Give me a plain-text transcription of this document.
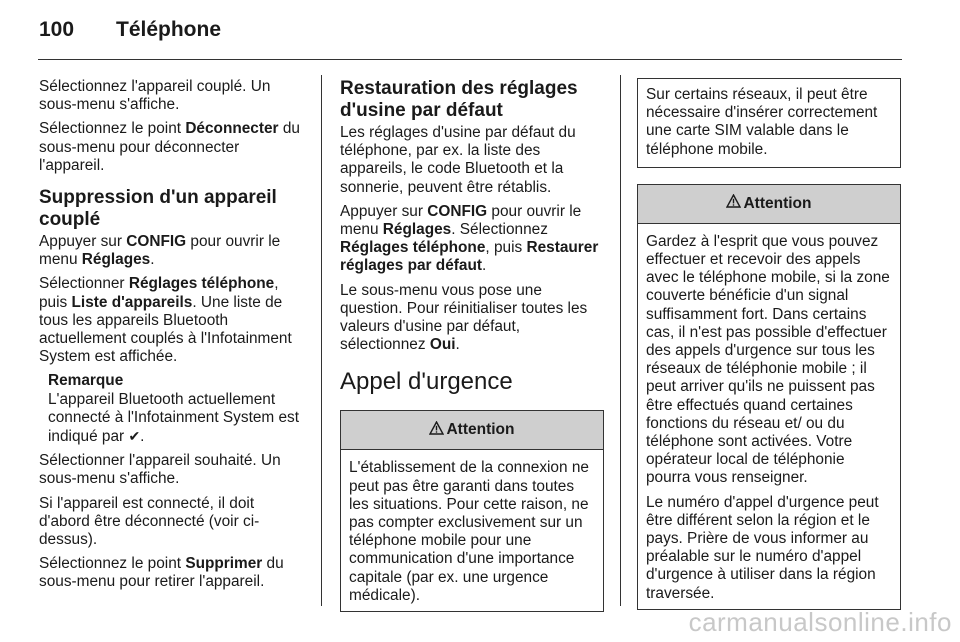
100	Téléphone

Sélectionnez l'appareil couplé. Un sous-menu s'affiche.

Sélectionnez le point Déconnecter du sous-menu pour déconnecter l'appareil.

Suppression d'un appareil couplé

Appuyer sur CONFIG pour ouvrir le menu Réglages.

Sélectionner Réglages téléphone, puis Liste d'appareils. Une liste de tous les appareils Bluetooth actuellement couplés à l'Infotainment System est affichée.

Remarque
L'appareil Bluetooth actuellement connecté à l'Infotainment System est indiqué par ✔.

Sélectionner l'appareil souhaité. Un sous-menu s'affiche.

Si l'appareil est connecté, il doit d'abord être déconnecté (voir ci-dessus).

Sélectionnez le point Supprimer du sous-menu pour retirer l'appareil.

Restauration des réglages d'usine par défaut

Les réglages d'usine par défaut du téléphone, par ex. la liste des appareils, le code Bluetooth et la sonnerie, peuvent être rétablis.

Appuyer sur CONFIG pour ouvrir le menu Réglages. Sélectionnez Réglages téléphone, puis Restaurer réglages par défaut.

Le sous-menu vous pose une question. Pour réinitialiser toutes les valeurs d'usine par défaut, sélectionnez Oui.

Appel d'urgence
Attention

L'établissement de la connexion ne peut pas être garanti dans toutes les situations. Pour cette raison, ne pas compter exclusivement sur un téléphone mobile pour une communication d'une importance capitale (par ex. une urgence médicale).

Sur certains réseaux, il peut être nécessaire d'insérer correctement une carte SIM valable dans le téléphone mobile.
Attention

Gardez à l'esprit que vous pouvez effectuer et recevoir des appels avec le téléphone mobile, si la zone couverte bénéficie d'un signal suffisamment fort. Dans certains cas, il n'est pas possible d'effectuer des appels d'urgence sur tous les réseaux de téléphonie mobile ; il peut arriver qu'ils ne puissent pas être effectués quand certaines fonctions du réseau et/ ou du téléphone sont activées. Votre opérateur local de téléphonie pourra vous renseigner.

Le numéro d'appel d'urgence peut être différent selon la région et le pays. Prière de vous informer au préalable sur le numéro d'appel d'urgence à utiliser dans la région traversée.

carmanualsonline.info
